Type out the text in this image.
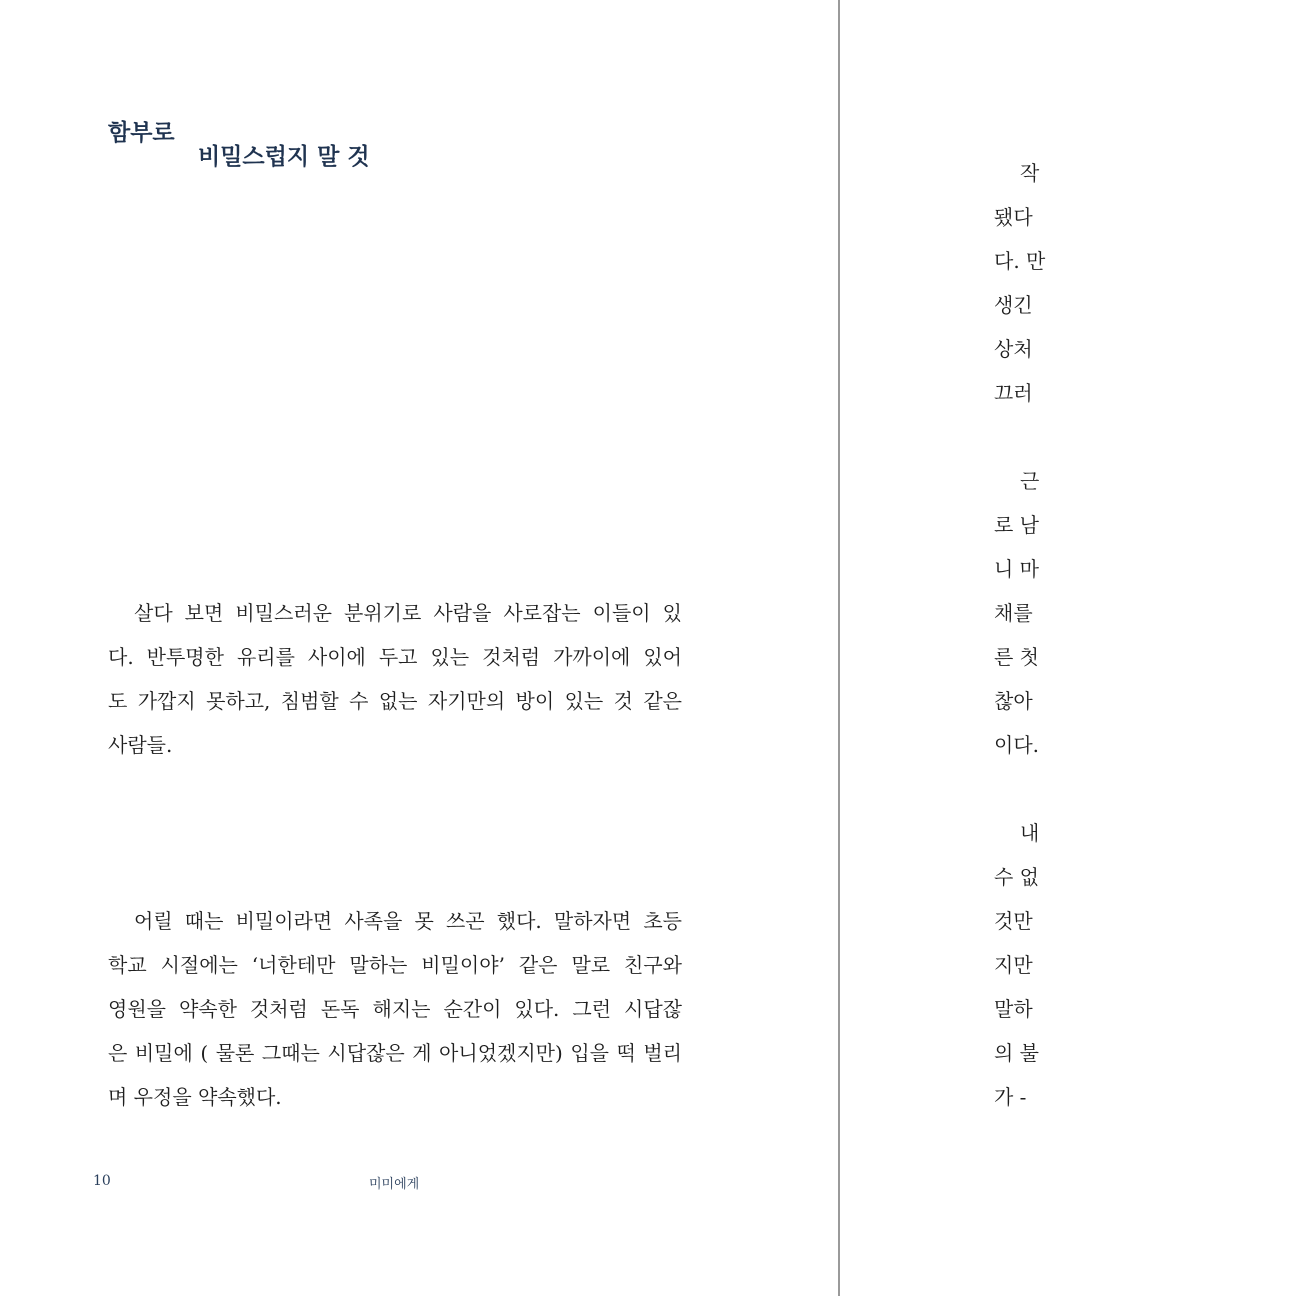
함부로
비밀스럽지 말 것
살다 보면 비밀스러운 분위기로 사람을 사로잡는 이들이 있
다. 반투명한 유리를 사이에 두고 있는 것처럼 가까이에 있어
도 가깝지 못하고, 침범할 수 없는 자기만의 방이 있는 것 같은
사람들.
어릴 때는 비밀이라면 사족을 못 쓰곤 했다. 말하자면 초등
학교 시절에는 ‘너한테만 말하는 비밀이야’ 같은 말로 친구와
영원을 약속한 것처럼 돈독 해지는 순간이 있다. 그런 시답잖
은 비밀에 ( 물론 그때는 시답잖은 게 아니었겠지만) 입을 떡 벌리
며 우정을 약속했다.
10	미미에게
작
됐다
다. 만
생긴
상처
끄러
근
로 남
니 마
채를
른 첫
찮아
이다.
내
수 없
것만
지만
말하
의 불
가 -
